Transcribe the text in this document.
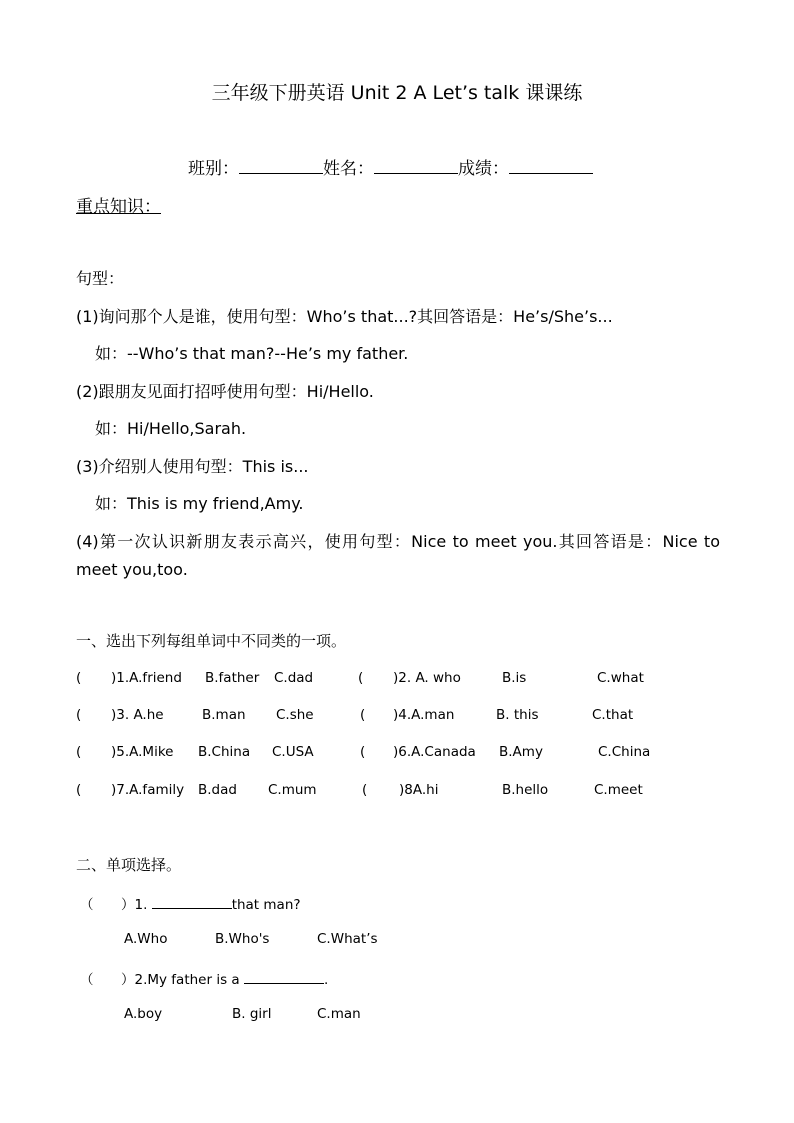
三年级下册英语 Unit 2 A Let’s talk 课课练
班别：	姓名：	成绩：
重点知识：
句型：
(1)询问那个人是谁，使用句型：Who’s that...?其回答语是：He’s/She’s...
如：--Who’s that man?--He’s my father.
(2)跟朋友见面打招呼使用句型：Hi/Hello.
如：Hi/Hello,Sarah.
(3)介绍别人使用句型：This is...
如：This is my friend,Amy.
(4)第一次认识新朋友表示高兴，使用句型：Nice to meet you.其回答语是：Nice to meet you,too.
一、选出下列每组单词中不同类的一项。
( )1.A.friend B.father C.dad	( )2. A. who	B.is	C.what
( )3. A.he	B.man C.she	( )4.A.man	B. this	C.that
( )5.A.Mike B.China C.USA	( )6.A.Canada B.Amy	C.China
( )7.A.family B.dad C.mum	( )8A.hi	B.hello	C.meet
二、单项选择。
（ ）1.	that man?
A.Who	B.Who's	C.What’s
（ ）2.My father is a	.
A.boy	B. girl	C.man
